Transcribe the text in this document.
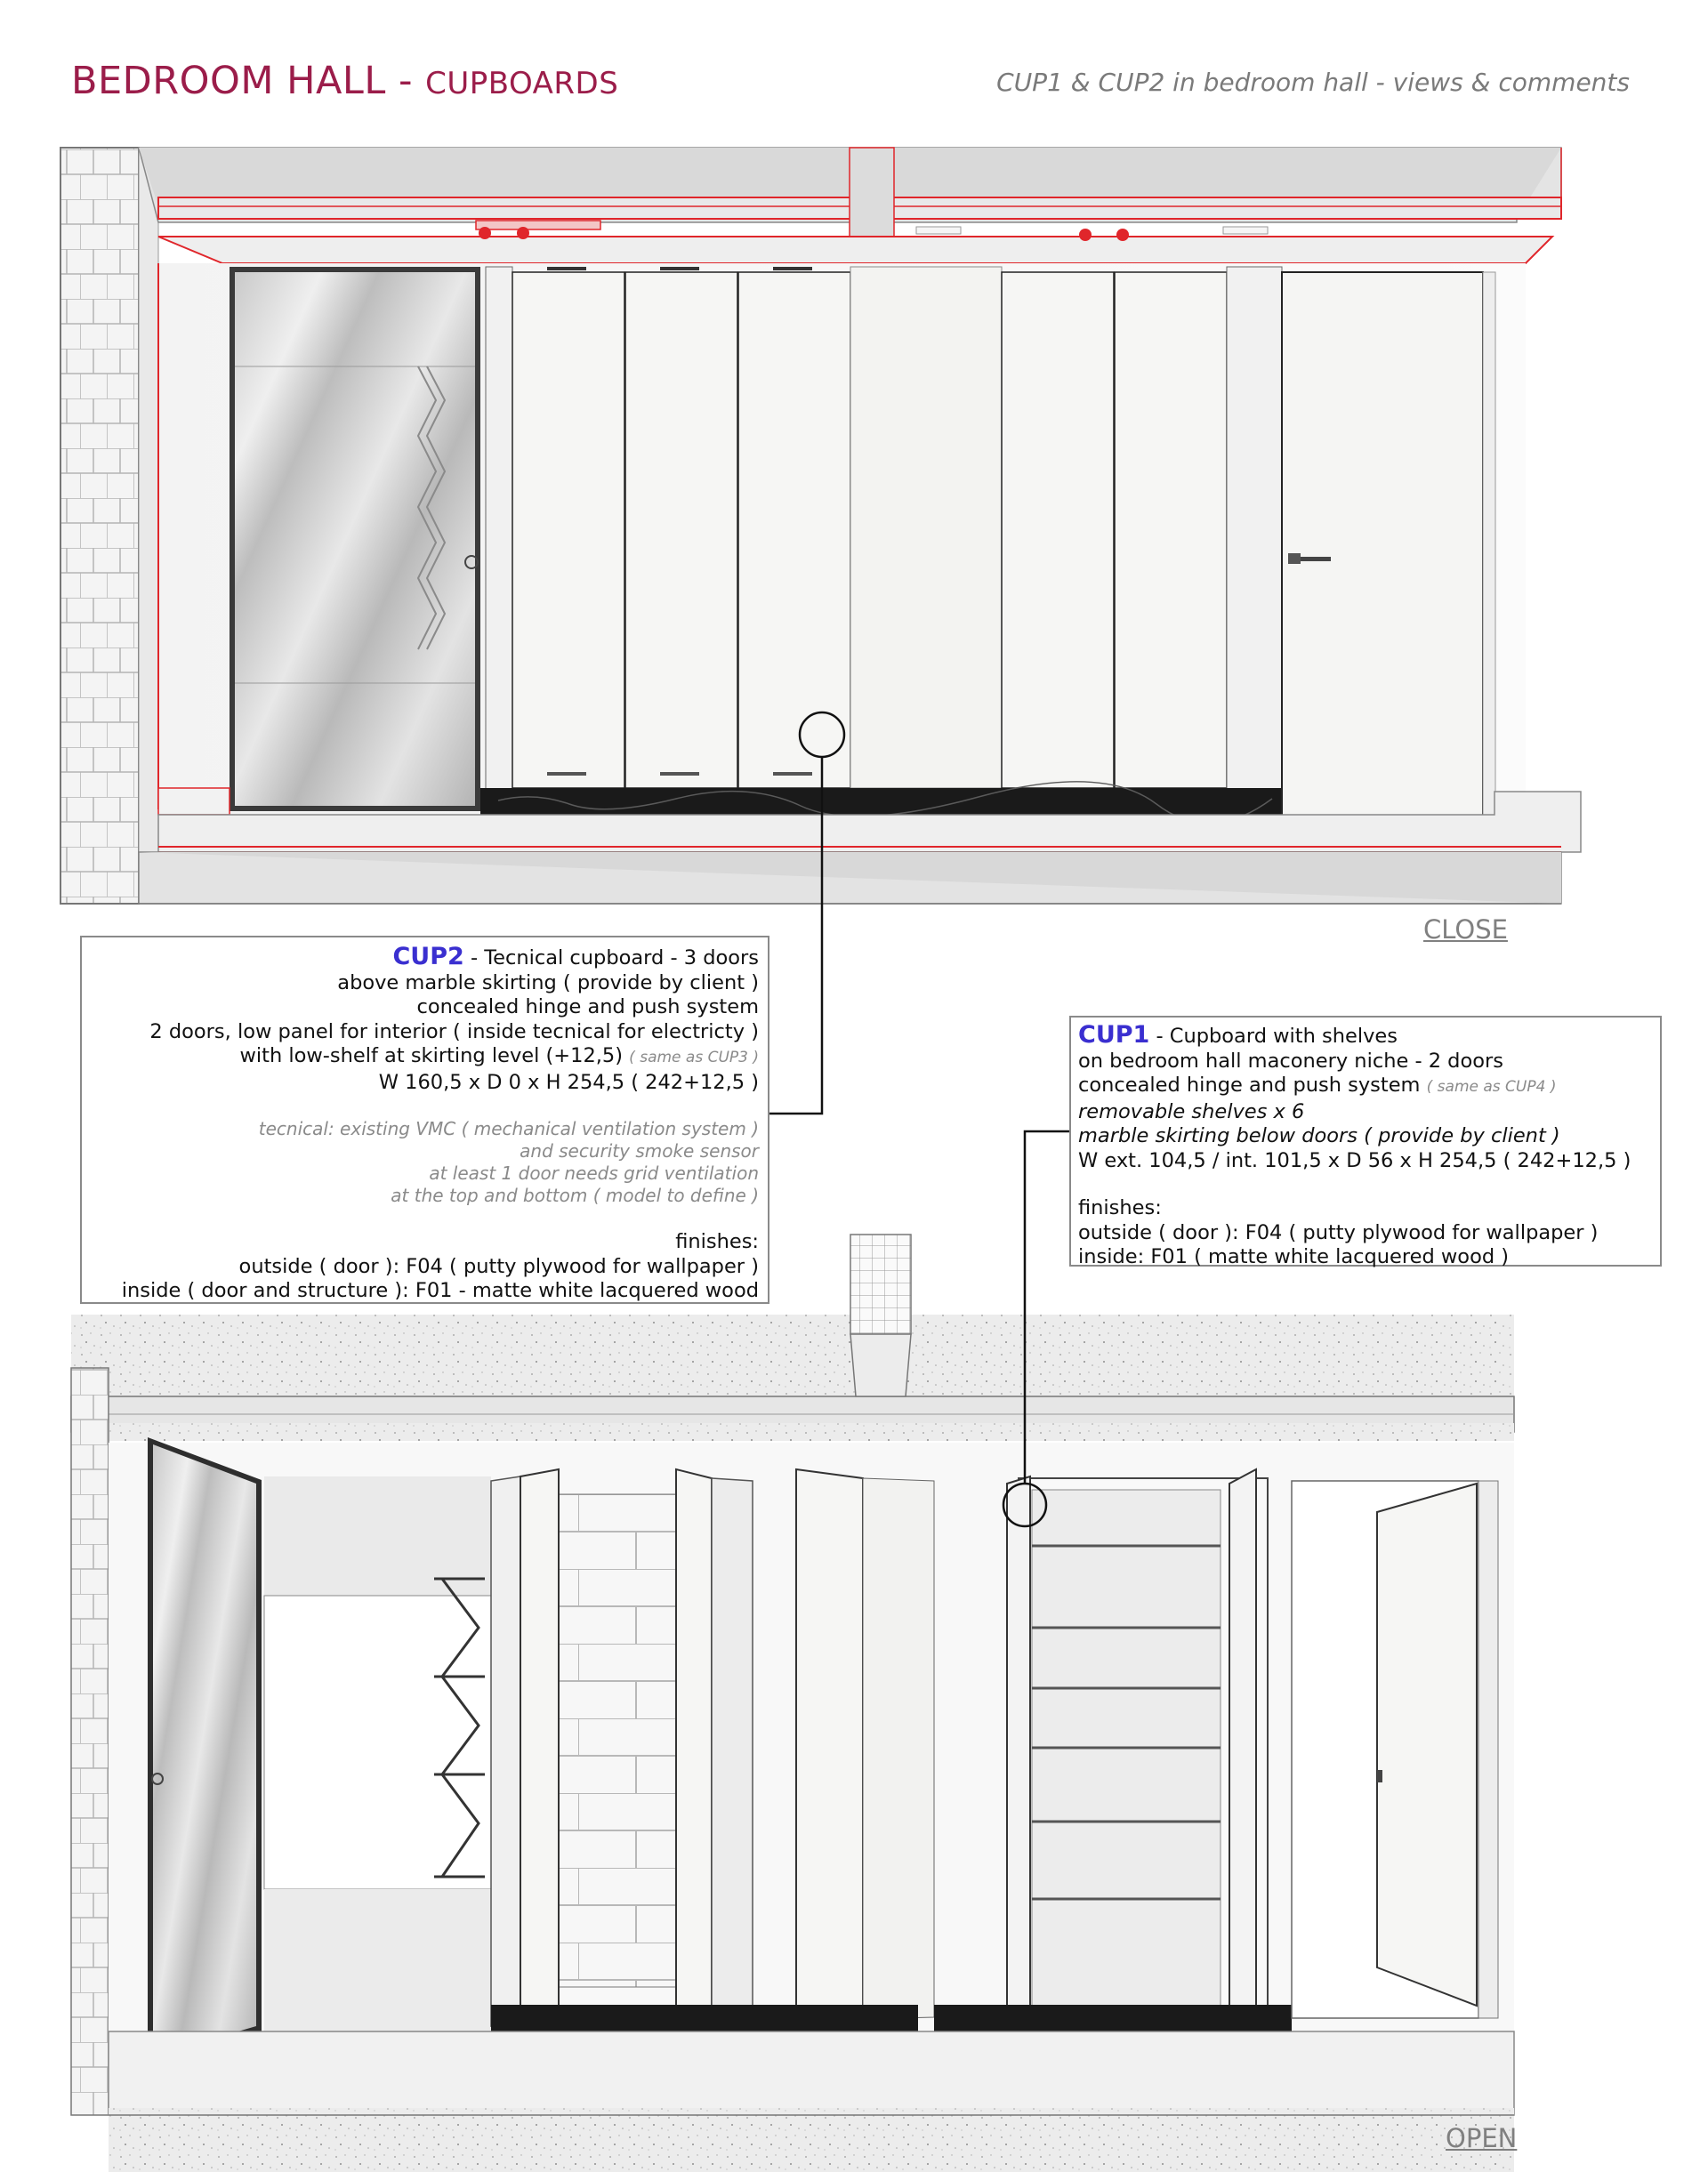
BEDROOM HALL - CUPBOARDS	CUP1 & CUP2 in bedroom hall - views & comments
CLOSE
OPEN
CUP2 - Tecnical cupboard - 3 doors
above marble skirting ( provide by client )
concealed hinge and push system
2 doors, low panel for interior ( inside tecnical for electricty )
with low-shelf at skirting level (+12,5) ( same as CUP3 )
W 160,5 x D 0 x H 254,5 ( 242+12,5 )
tecnical: existing VMC ( mechanical ventilation system )
and security smoke sensor
at least 1 door needs grid ventilation
at the top and bottom ( model to define )
finishes:
outside ( door ): F04 ( putty plywood for wallpaper )
inside ( door and structure ): F01 - matte white lacquered wood
CUP1 - Cupboard with shelves
on bedroom hall maconery niche - 2 doors
concealed hinge and push system ( same as CUP4 )
removable shelves x 6
marble skirting below doors ( provide by client )
W ext. 104,5 / int. 101,5 x D 56 x H 254,5 ( 242+12,5 )
finishes:
outside ( door ): F04 ( putty plywood for wallpaper )
inside: F01 ( matte white lacquered wood )
